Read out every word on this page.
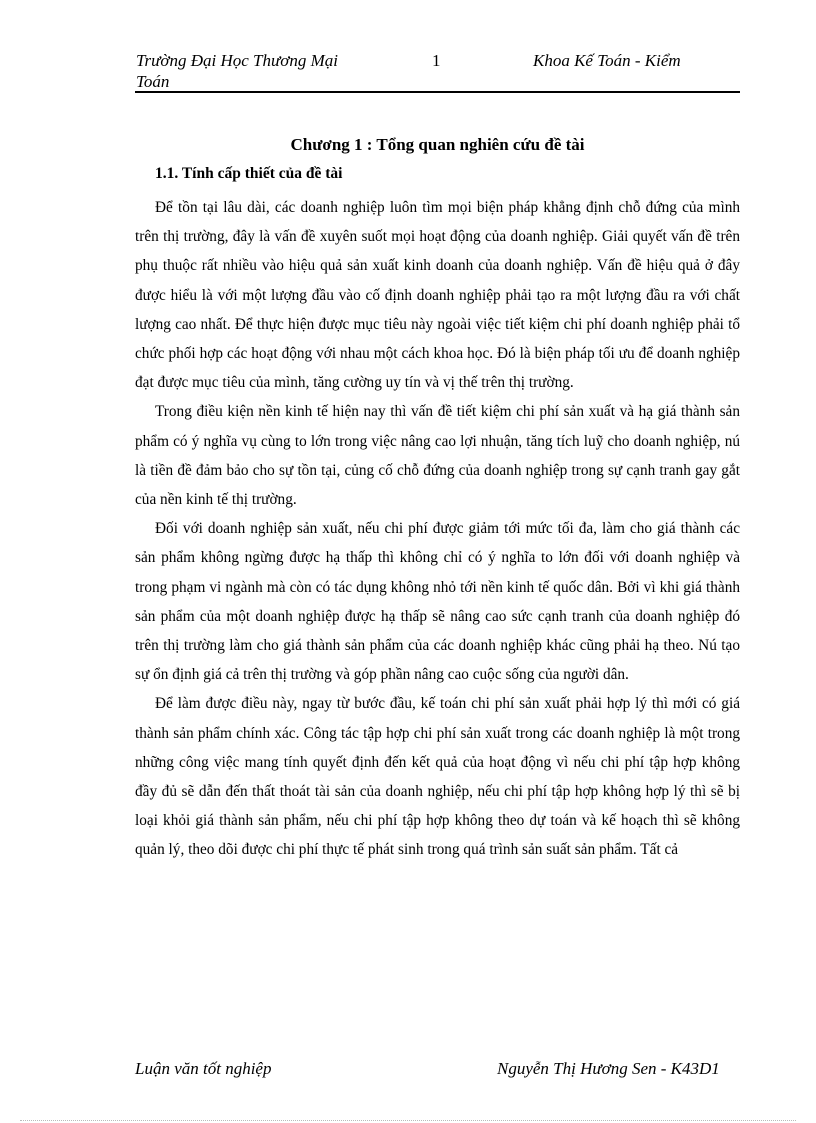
Trường Đại Học Thương Mại
Toán
1	Khoa Kế Toán - Kiểm
Chương 1 : Tổng quan nghiên cứu đề tài
1.1. Tính cấp thiết của đề tài

Để tồn tại lâu dài, các doanh nghiệp luôn tìm mọi biện pháp khẳng định chỗ đứng của mình trên thị trường, đây là vấn đề xuyên suốt mọi hoạt động của doanh nghiệp. Giải quyết vấn đề trên phụ thuộc rất nhiều vào hiệu quả sản xuất kinh doanh của doanh nghiệp. Vấn đề hiệu quả ở đây được hiểu là với một lượng đầu vào cố định doanh nghiệp phải tạo ra một lượng đầu ra với chất lượng cao nhất. Để thực hiện được mục tiêu này ngoài việc tiết kiệm chi phí doanh nghiệp phải tổ chức phối hợp các hoạt động với nhau một cách khoa học. Đó là biện pháp tối ưu để doanh nghiệp đạt được mục tiêu của mình, tăng cường uy tín và vị thế trên thị trường.

Trong điều kiện nền kinh tế hiện nay thì vấn đề tiết kiệm chi phí sản xuất và hạ giá thành sản phẩm có ý nghĩa vụ cùng to lớn trong việc nâng cao lợi nhuận, tăng tích luỹ cho doanh nghiệp, nú là tiền đề đảm bảo cho sự tồn tại, củng cố chỗ đứng của doanh nghiệp trong sự cạnh tranh gay gắt của nền kinh tế thị trường.

Đối với doanh nghiệp sản xuất, nếu chi phí được giảm tới mức tối đa, làm cho giá thành các sản phẩm không ngừng được hạ thấp thì không chỉ có ý nghĩa to lớn đối với doanh nghiệp và trong phạm vi ngành mà còn có tác dụng không nhỏ tới nền kinh tế quốc dân. Bởi vì khi giá thành sản phẩm của một doanh nghiệp được hạ thấp sẽ nâng cao sức cạnh tranh của doanh nghiệp đó trên thị trường làm cho giá thành sản phẩm của các doanh nghiệp khác cũng phải hạ theo. Nú tạo sự ổn định giá cả trên thị trường và góp phần nâng cao cuộc sống của người dân.

Để làm được điều này, ngay từ bước đầu, kế toán chi phí sản xuất phải hợp lý thì mới có giá thành sản phẩm chính xác. Công tác tập hợp chi phí sản xuất trong các doanh nghiệp là một trong những công việc mang tính quyết định đến kết quả của hoạt động vì nếu chi phí tập hợp không đầy đủ sẽ dẫn đến thất thoát tài sản của doanh nghiệp, nếu chi phí tập hợp không hợp lý thì sẽ bị loại khỏi giá thành sản phẩm, nếu chi phí tập hợp không theo dự toán và kế hoạch thì sẽ không quản lý, theo dõi được chi phí thực tế phát sinh trong quá trình sản suất sản phẩm. Tất cả

Luận văn tốt nghiệp	Nguyễn Thị Hương Sen - K43D1
